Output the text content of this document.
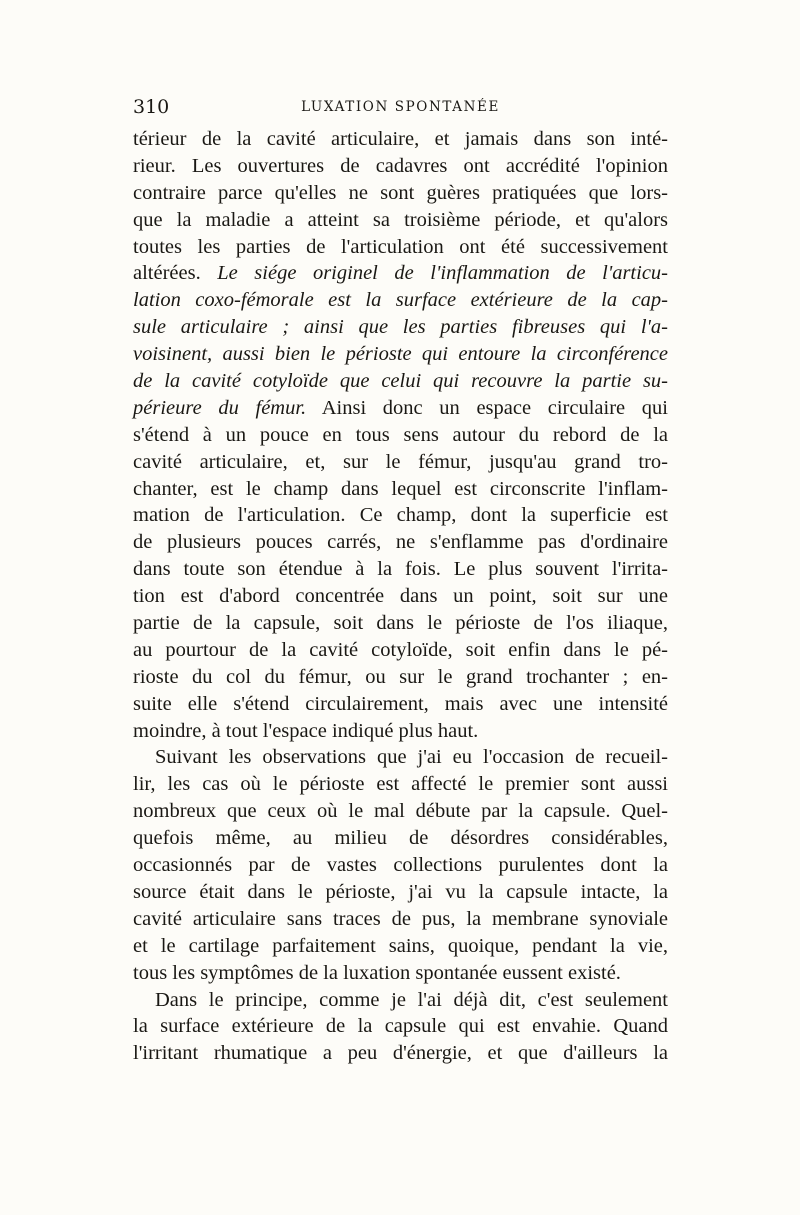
310	LUXATION SPONTANÉE
térieur de la cavité articulaire, et jamais dans son inté-
rieur. Les ouvertures de cadavres ont accrédité l'opinion
contraire parce qu'elles ne sont guères pratiquées que lors-
que la maladie a atteint sa troisième période, et qu'alors
toutes les parties de l'articulation ont été successivement
altérées. Le siége originel de l'inflammation de l'articu-
lation coxo-fémorale est la surface extérieure de la cap-
sule articulaire ; ainsi que les parties fibreuses qui l'a-
voisinent, aussi bien le périoste qui entoure la circonférence
de la cavité cotyloïde que celui qui recouvre la partie su-
périeure du fémur. Ainsi donc un espace circulaire qui
s'étend à un pouce en tous sens autour du rebord de la
cavité articulaire, et, sur le fémur, jusqu'au grand tro-
chanter, est le champ dans lequel est circonscrite l'inflam-
mation de l'articulation. Ce champ, dont la superficie est
de plusieurs pouces carrés, ne s'enflamme pas d'ordinaire
dans toute son étendue à la fois. Le plus souvent l'irrita-
tion est d'abord concentrée dans un point, soit sur une
partie de la capsule, soit dans le périoste de l'os iliaque,
au pourtour de la cavité cotyloïde, soit enfin dans le pé-
rioste du col du fémur, ou sur le grand trochanter ; en-
suite elle s'étend circulairement, mais avec une intensité
moindre, à tout l'espace indiqué plus haut.
Suivant les observations que j'ai eu l'occasion de recueil-
lir, les cas où le périoste est affecté le premier sont aussi
nombreux que ceux où le mal débute par la capsule. Quel-
quefois même, au milieu de désordres considérables,
occasionnés par de vastes collections purulentes dont la
source était dans le périoste, j'ai vu la capsule intacte, la
cavité articulaire sans traces de pus, la membrane synoviale
et le cartilage parfaitement sains, quoique, pendant la vie,
tous les symptômes de la luxation spontanée eussent existé.
Dans le principe, comme je l'ai déjà dit, c'est seulement
la surface extérieure de la capsule qui est envahie. Quand
l'irritant rhumatique a peu d'énergie, et que d'ailleurs la
